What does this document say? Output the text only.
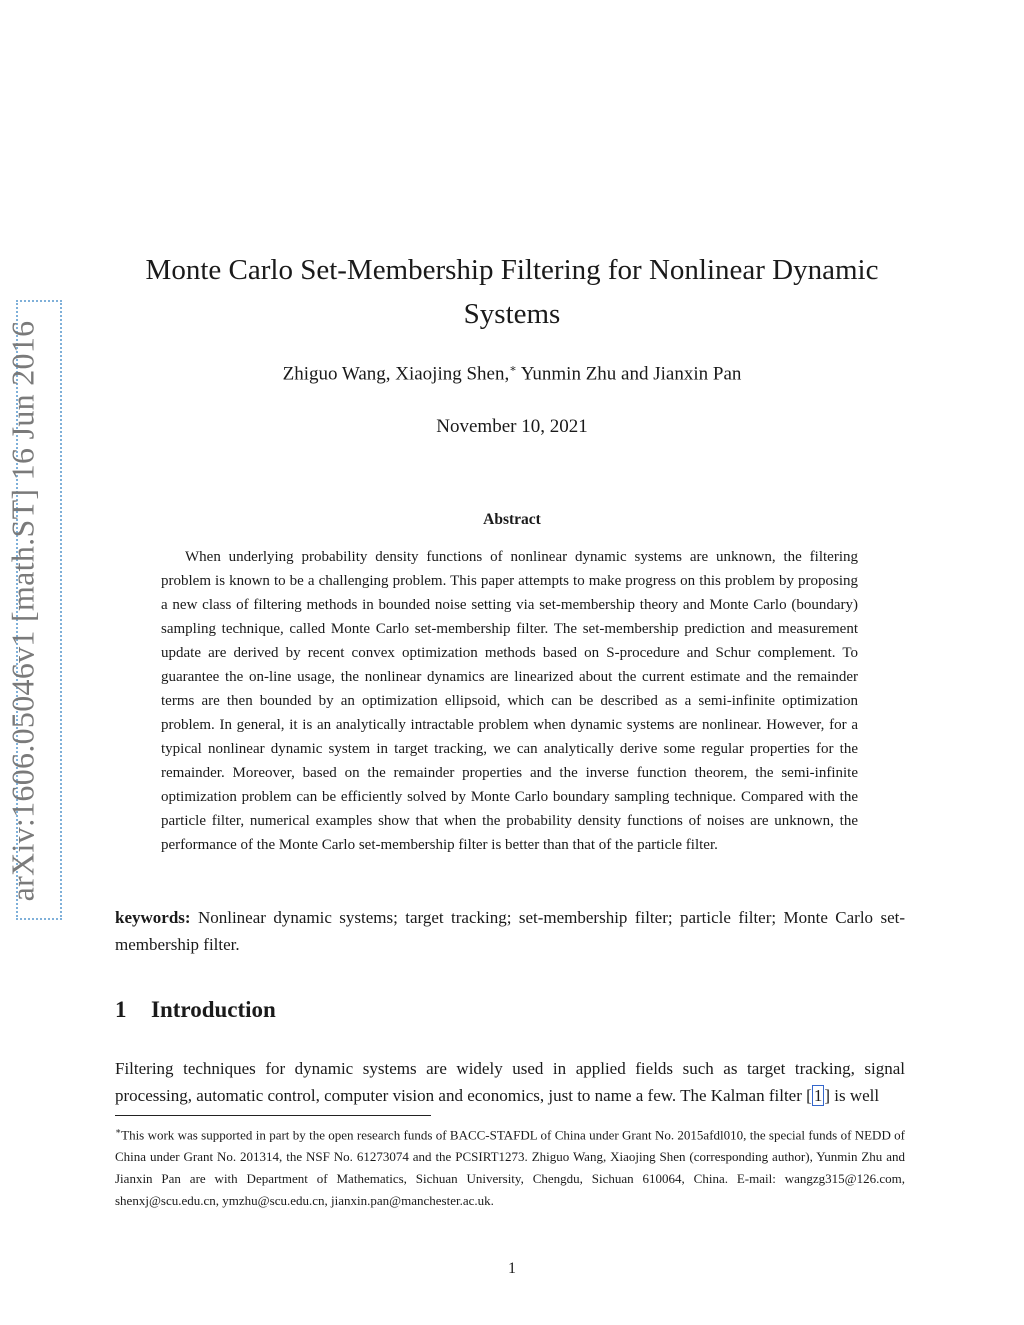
arXiv:1606.05046v1 [math.ST] 16 Jun 2016
Monte Carlo Set-Membership Filtering for Nonlinear Dynamic
Systems
Zhiguo Wang, Xiaojing Shen,∗ Yunmin Zhu and Jianxin Pan
November 10, 2021
Abstract
When underlying probability density functions of nonlinear dynamic systems are unknown, the filtering problem is known to be a challenging problem. This paper attempts to make progress on this problem by proposing a new class of filtering methods in bounded noise setting via set-membership theory and Monte Carlo (boundary) sampling technique, called Monte Carlo set-membership filter. The set-membership prediction and measurement update are derived by recent convex optimization methods based on S-procedure and Schur complement. To guarantee the on-line usage, the nonlinear dynamics are linearized about the current estimate and the remainder terms are then bounded by an optimization ellipsoid, which can be described as a semi-infinite optimization problem. In general, it is an analytically intractable problem when dynamic systems are nonlinear. However, for a typical nonlinear dynamic system in target tracking, we can analytically derive some regular properties for the remainder. Moreover, based on the remainder properties and the inverse function theorem, the semi-infinite optimization problem can be efficiently solved by Monte Carlo boundary sampling technique. Compared with the particle filter, numerical examples show that when the probability density functions of noises are unknown, the performance of the Monte Carlo set-membership filter is better than that of the particle filter.
keywords: Nonlinear dynamic systems; target tracking; set-membership filter; particle filter; Monte Carlo set-membership filter.
1 Introduction
Filtering techniques for dynamic systems are widely used in applied fields such as target tracking, signal processing, automatic control, computer vision and economics, just to name a few. The Kalman filter [ 1 ] is well
∗This work was supported in part by the open research funds of BACC-STAFDL of China under Grant No. 2015afdl010, the special funds of NEDD of China under Grant No. 201314, the NSF No. 61273074 and the PCSIRT1273. Zhiguo Wang, Xiaojing Shen (corresponding author), Yunmin Zhu and Jianxin Pan are with Department of Mathematics, Sichuan University, Chengdu, Sichuan 610064, China. E-mail: wangzg315@126.com, shenxj@scu.edu.cn, ymzhu@scu.edu.cn, jianxin.pan@manchester.ac.uk.
1
